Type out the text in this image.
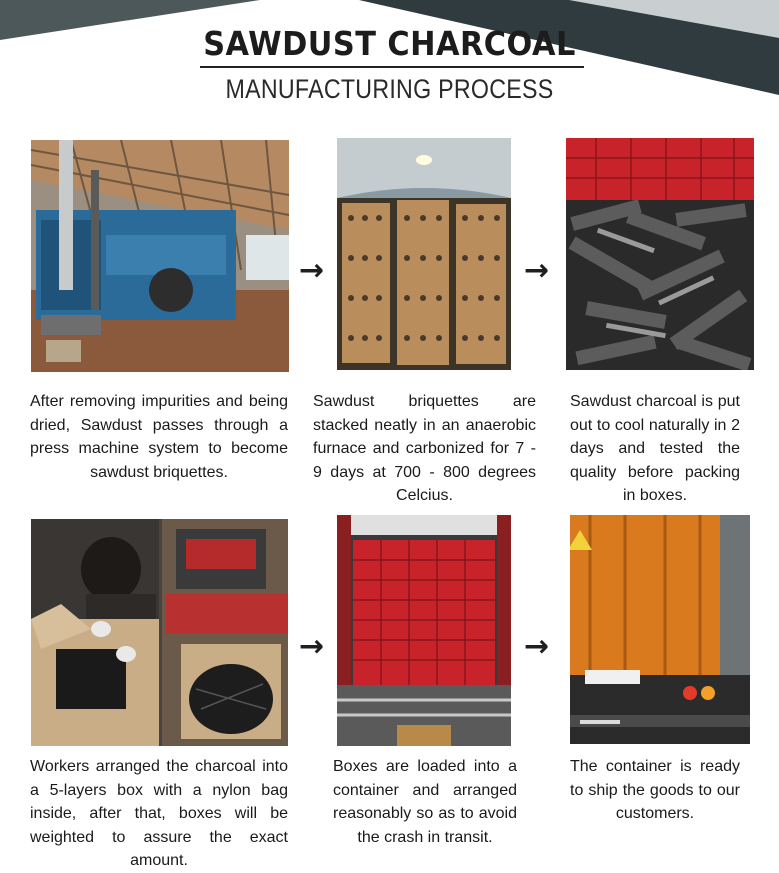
SAWDUST CHARCOAL
MANUFACTURING PROCESS
→	→
After removing impurities and being dried, Sawdust passes through a press machine system to become sawdust briquettes.
Sawdust briquettes are stacked neatly in an anaerobic furnace and carbonized for 7 - 9 days at 700 - 800 degrees Celcius.
Sawdust charcoal is put out to cool naturally in 2 days and tested the quality before packing in boxes.
→	→
Workers arranged the charcoal into a 5-layers box with a nylon bag inside, after that, boxes will be weighted to assure the exact amount.
Boxes are loaded into a container and arranged reasonably so as to avoid the crash in transit.
The container is ready to ship the goods to our customers.
